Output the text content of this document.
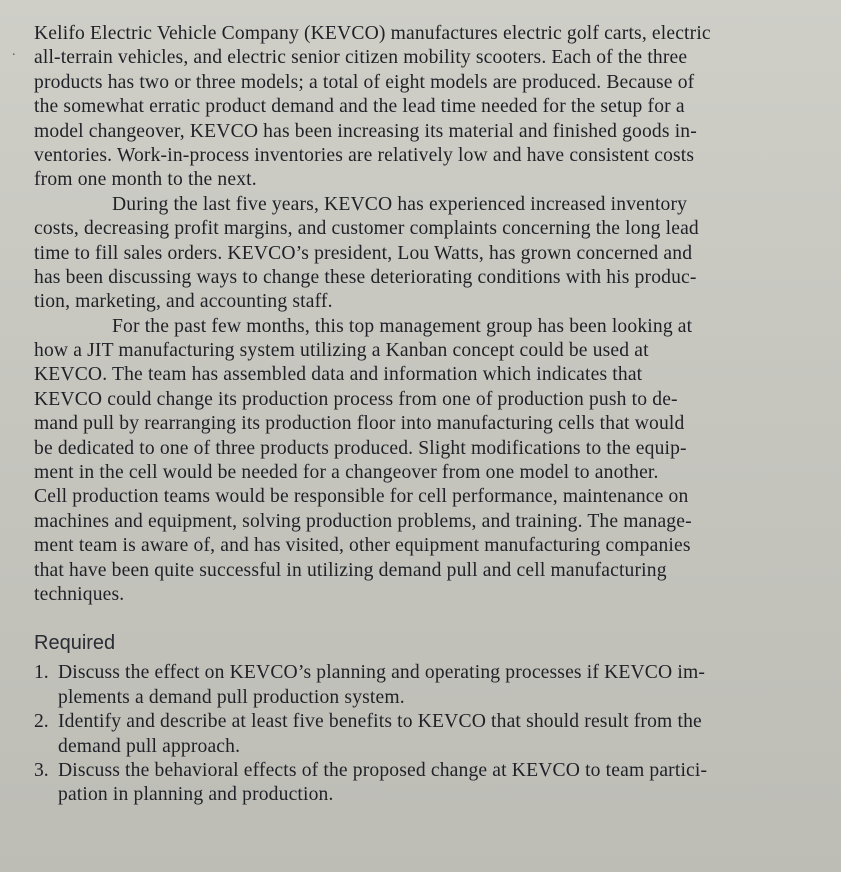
.
Kelifo Electric Vehicle Company (KEVCO) manufactures electric golf carts, electric
all-terrain vehicles, and electric senior citizen mobility scooters. Each of the three
products has two or three models; a total of eight models are produced. Because of
the somewhat erratic product demand and the lead time needed for the setup for a
model changeover, KEVCO has been increasing its material and finished goods in-
ventories. Work-in-process inventories are relatively low and have consistent costs
from one month to the next.
During the last five years, KEVCO has experienced increased inventory
costs, decreasing profit margins, and customer complaints concerning the long lead
time to fill sales orders. KEVCO’s president, Lou Watts, has grown concerned and
has been discussing ways to change these deteriorating conditions with his produc-
tion, marketing, and accounting staff.
For the past few months, this top management group has been looking at
how a JIT manufacturing system utilizing a Kanban concept could be used at
KEVCO. The team has assembled data and information which indicates that
KEVCO could change its production process from one of production push to de-
mand pull by rearranging its production floor into manufacturing cells that would
be dedicated to one of three products produced. Slight modifications to the equip-
ment in the cell would be needed for a changeover from one model to another.
Cell production teams would be responsible for cell performance, maintenance on
machines and equipment, solving production problems, and training. The manage-
ment team is aware of, and has visited, other equipment manufacturing companies
that have been quite successful in utilizing demand pull and cell manufacturing
techniques.
Required
1. Discuss the effect on KEVCO’s planning and operating processes if KEVCO im-
plements a demand pull production system.
2. Identify and describe at least five benefits to KEVCO that should result from the
demand pull approach.
3. Discuss the behavioral effects of the proposed change at KEVCO to team partici-
pation in planning and production.
